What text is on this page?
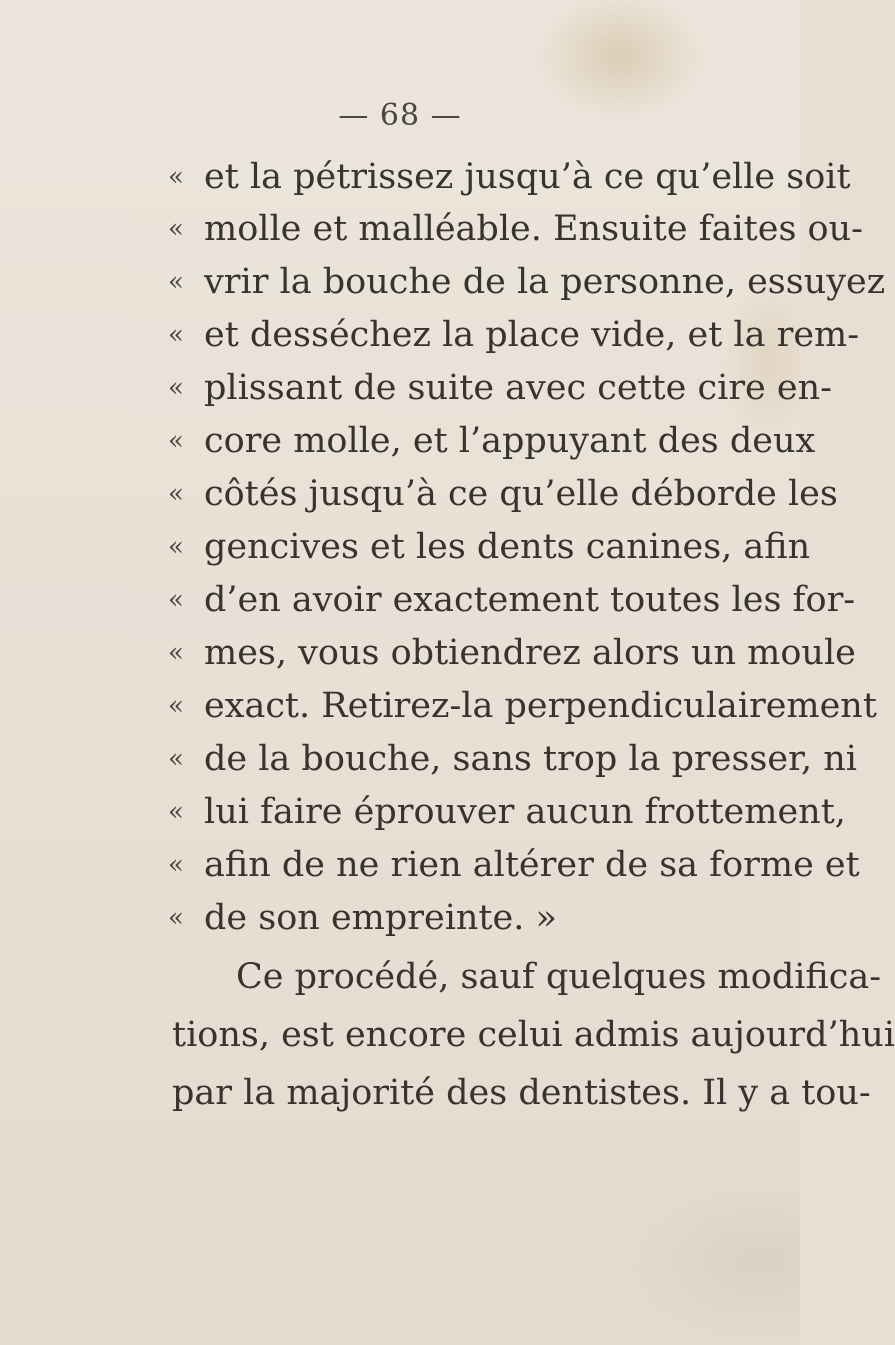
— 68 —
« et la pétrissez jusqu’à ce qu’elle soit
« molle et malléable. Ensuite faites ou-
« vrir la bouche de la personne, essuyez
« et desséchez la place vide, et la rem-
« plissant de suite avec cette cire en-
« core molle, et l’appuyant des deux
« côtés jusqu’à ce qu’elle déborde les
« gencives et les dents canines, afin
« d’en avoir exactement toutes les for-
« mes, vous obtiendrez alors un moule
« exact. Retirez-la perpendiculairement
« de la bouche, sans trop la presser, ni
« lui faire éprouver aucun frottement,
« afin de ne rien altérer de sa forme et
« de son empreinte. »
Ce procédé, sauf quelques modifica-
tions, est encore celui admis aujourd’hui
par la majorité des dentistes. Il y a tou-
